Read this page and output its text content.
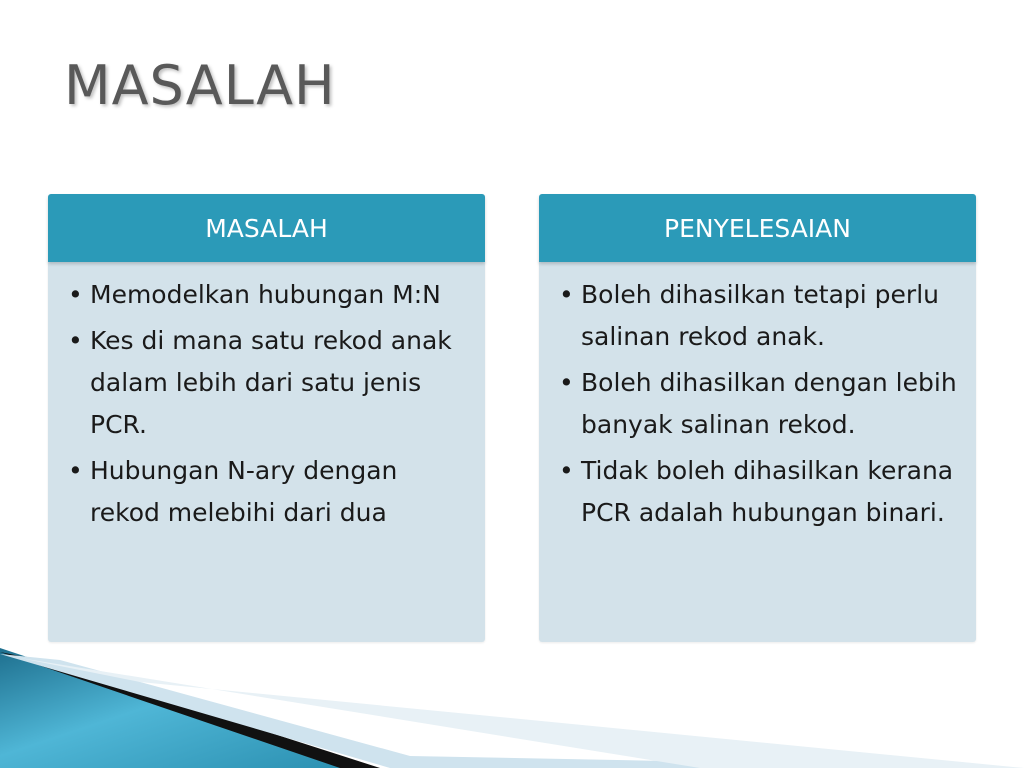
MASALAH
MASALAH
• Memodelkan hubungan M:N
• Kes di mana satu rekod anak dalam lebih dari satu jenis PCR.
• Hubungan N-ary dengan rekod melebihi dari dua
PENYELESAIAN
• Boleh dihasilkan tetapi perlu salinan rekod anak.
• Boleh dihasilkan dengan lebih banyak salinan rekod.
• Tidak boleh dihasilkan kerana PCR adalah hubungan binari.
